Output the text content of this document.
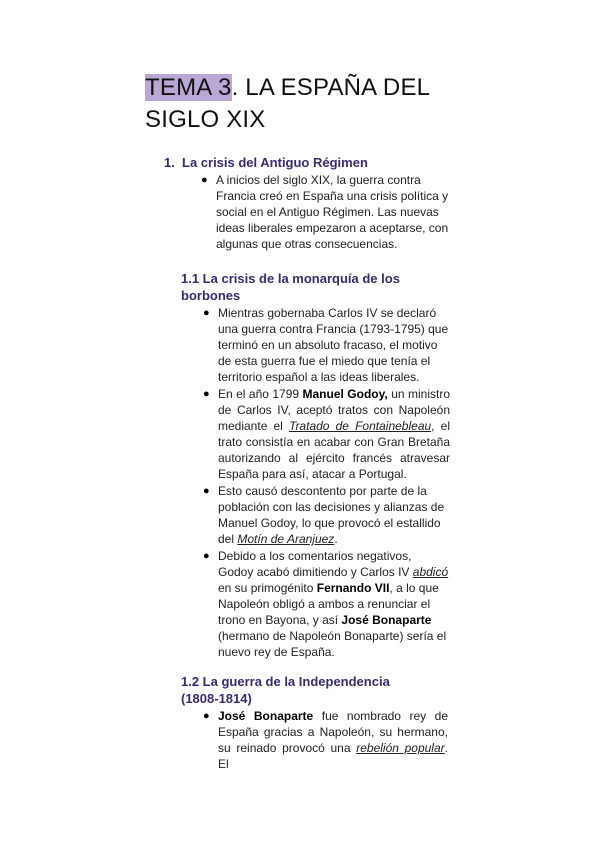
TEMA 3. LA ESPAÑA DEL
SIGLO XIX
1. La crisis del Antiguo Régimen
● A inicios del siglo XIX, la guerra contra Francia creó en España una crisis política y social en el Antiguo Régimen. Las nuevas ideas liberales empezaron a aceptarse, con algunas que otras consecuencias.
1.1 La crisis de la monarquía de los borbones
● Mientras gobernaba Carlos IV se declaró una guerra contra Francia (1793-1795) que terminó en un absoluto fracaso, el motivo de esta guerra fue el miedo que tenía el territorio español a las ideas liberales.
● En el año 1799 Manuel Godoy, un ministro de Carlos IV, aceptó tratos con Napoleón mediante el Tratado de Fontainebleau, el trato consistía en acabar con Gran Bretaña autorizando al ejército francés atravesar España para así, atacar a Portugal.
● Esto causó descontento por parte de la población con las decisiones y alianzas de Manuel Godoy, lo que provocó el estallido del Motín de Aranjuez.
● Debido a los comentarios negativos, Godoy acabó dimitiendo y Carlos IV abdicó en su primogénito Fernando VII, a lo que Napoleón obligó a ambos a renunciar el trono en Bayona, y así José Bonaparte (hermano de Napoleón Bonaparte) sería el nuevo rey de España.
1.2 La guerra de la Independencia (1808-1814)
● José Bonaparte fue nombrado rey de España gracias a Napoleón, su hermano, su reinado provocó una rebelión popular. El
